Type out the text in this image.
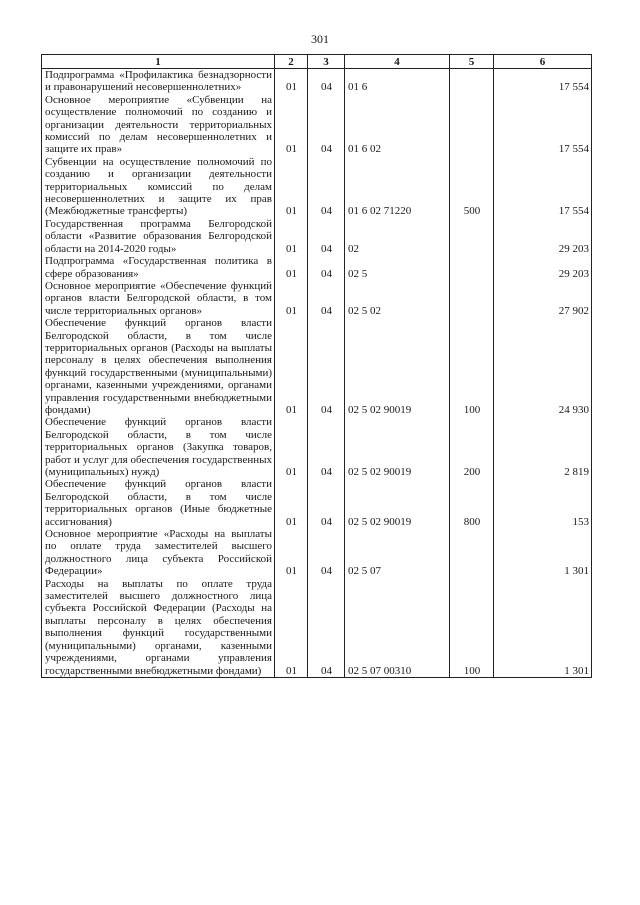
301
1	2	3	4	5	6
Подпрограмма «Профилактика безнадзорности и правонарушений несовершеннолетних»	01	04	01 6		17 554
Основное мероприятие «Субвенции на осуществление полномочий по созданию и организации деятельности территориальных комиссий по делам несовершеннолетних и защите их прав»	01	04	01 6 02		17 554
Субвенции на осуществление полномочий по созданию и организации деятельности территориальных комиссий по делам несовершеннолетних и защите их прав (Межбюджетные трансферты)	01	04	01 6 02 71220	500	17 554
Государственная программа Белгородской области «Развитие образования Белгородской области на 2014-2020 годы»	01	04	02		29 203
Подпрограмма «Государственная политика в сфере образования»	01	04	02 5		29 203
Основное мероприятие «Обеспечение функций органов власти Белгородской области, в том числе территориальных органов»	01	04	02 5 02		27 902
Обеспечение функций органов власти Белгородской области, в том числе территориальных органов (Расходы на выплаты персоналу в целях обеспечения выполнения функций государственными (муниципальными) органами, казенными учреждениями, органами управления государственными внебюджетными фондами)	01	04	02 5 02 90019	100	24 930
Обеспечение функций органов власти Белгородской области, в том числе территориальных органов (Закупка товаров, работ и услуг для обеспечения государственных (муниципальных) нужд)	01	04	02 5 02 90019	200	2 819
Обеспечение функций органов власти Белгородской области, в том числе территориальных органов (Иные бюджетные ассигнования)	01	04	02 5 02 90019	800	153
Основное мероприятие «Расходы на выплаты по оплате труда заместителей высшего должностного лица субъекта Российской Федерации»	01	04	02 5 07		1 301
Расходы на выплаты по оплате труда заместителей высшего должностного лица субъекта Российской Федерации (Расходы на выплаты персоналу в целях обеспечения выполнения функций государственными (муниципальными) органами, казенными учреждениями, органами управления государственными внебюджетными фондами)	01	04	02 5 07 00310	100	1 301
